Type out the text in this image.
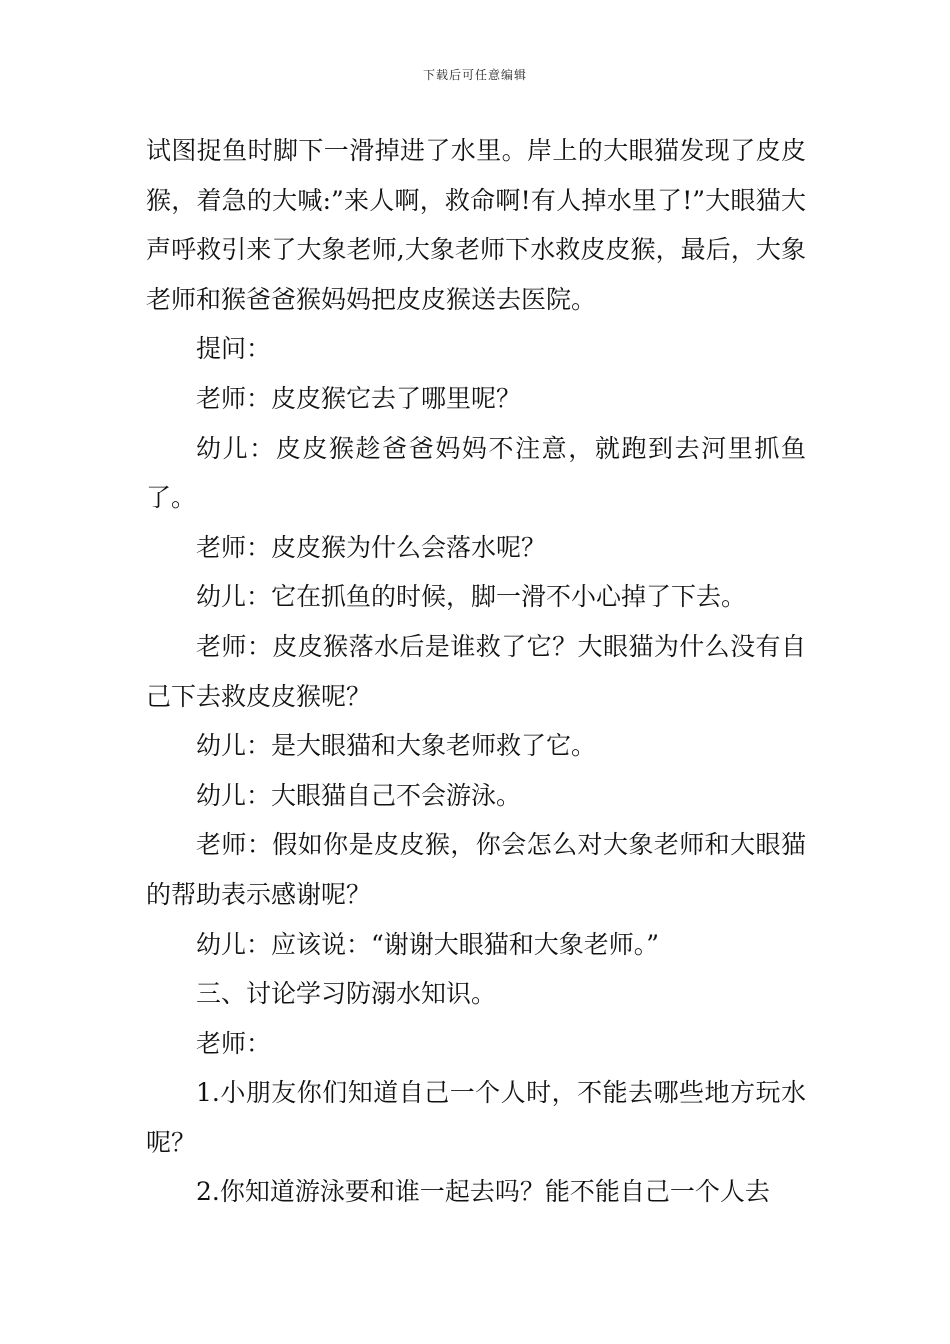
下载后可任意编辑

试图捉鱼时脚下一滑掉进了水里。岸上的大眼猫发现了皮皮猴，着急的大喊:”来人啊，救命啊!有人掉水里了!”大眼猫大声呼救引来了大象老师,大象老师下水救皮皮猴，最后，大象老师和猴爸爸猴妈妈把皮皮猴送去医院。

提问：

老师：皮皮猴它去了哪里呢？

幼儿：皮皮猴趁爸爸妈妈不注意，就跑到去河里抓鱼了。

老师：皮皮猴为什么会落水呢？

幼儿：它在抓鱼的时候，脚一滑不小心掉了下去。

老师：皮皮猴落水后是谁救了它？大眼猫为什么没有自己下去救皮皮猴呢？

幼儿：是大眼猫和大象老师救了它。

幼儿：大眼猫自己不会游泳。

老师：假如你是皮皮猴，你会怎么对大象老师和大眼猫的帮助表示感谢呢？

幼儿：应该说：“谢谢大眼猫和大象老师。”

三、讨论学习防溺水知识。

老师：

1.小朋友你们知道自己一个人时，不能去哪些地方玩水呢？

2.你知道游泳要和谁一起去吗？能不能自己一个人去
